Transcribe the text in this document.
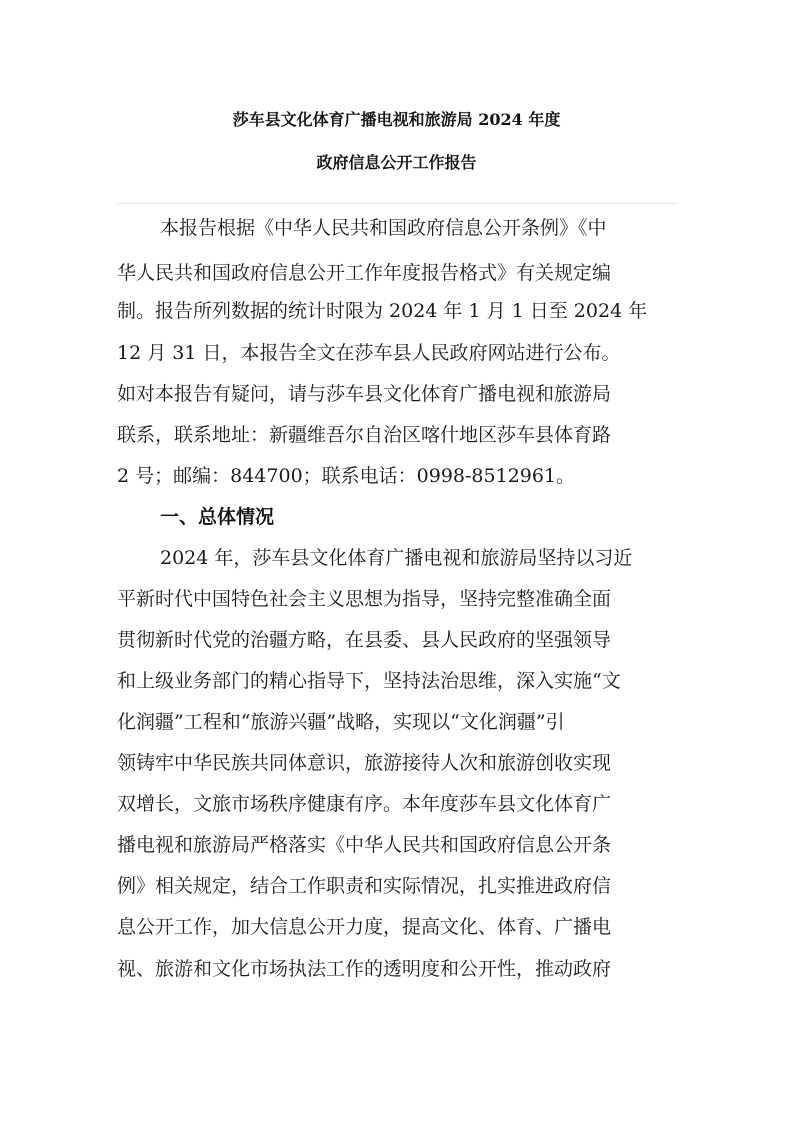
莎车县文化体育广播电视和旅游局 2024 年度
政府信息公开工作报告
本报告根据《中华人民共和国政府信息公开条例》《中
华人民共和国政府信息公开工作年度报告格式》有关规定编
制。报告所列数据的统计时限为 2024 年 1 月 1 日至 2024 年
12 月 31 日，本报告全文在莎车县人民政府网站进行公布。
如对本报告有疑问，请与莎车县文化体育广播电视和旅游局
联系，联系地址：新疆维吾尔自治区喀什地区莎车县体育路
2 号；邮编：844700；联系电话：0998-8512961。
一、总体情况
2024 年，莎车县文化体育广播电视和旅游局坚持以习近
平新时代中国特色社会主义思想为指导，坚持完整准确全面
贯彻新时代党的治疆方略，在县委、县人民政府的坚强领导
和上级业务部门的精心指导下，坚持法治思维，深入实施“文
化润疆”工程和“旅游兴疆”战略，实现以“文化润疆”引
领铸牢中华民族共同体意识，旅游接待人次和旅游创收实现
双增长，文旅市场秩序健康有序。本年度莎车县文化体育广
播电视和旅游局严格落实《中华人民共和国政府信息公开条
例》相关规定，结合工作职责和实际情况，扎实推进政府信
息公开工作，加大信息公开力度，提高文化、体育、广播电
视、旅游和文化市场执法工作的透明度和公开性，推动政府
